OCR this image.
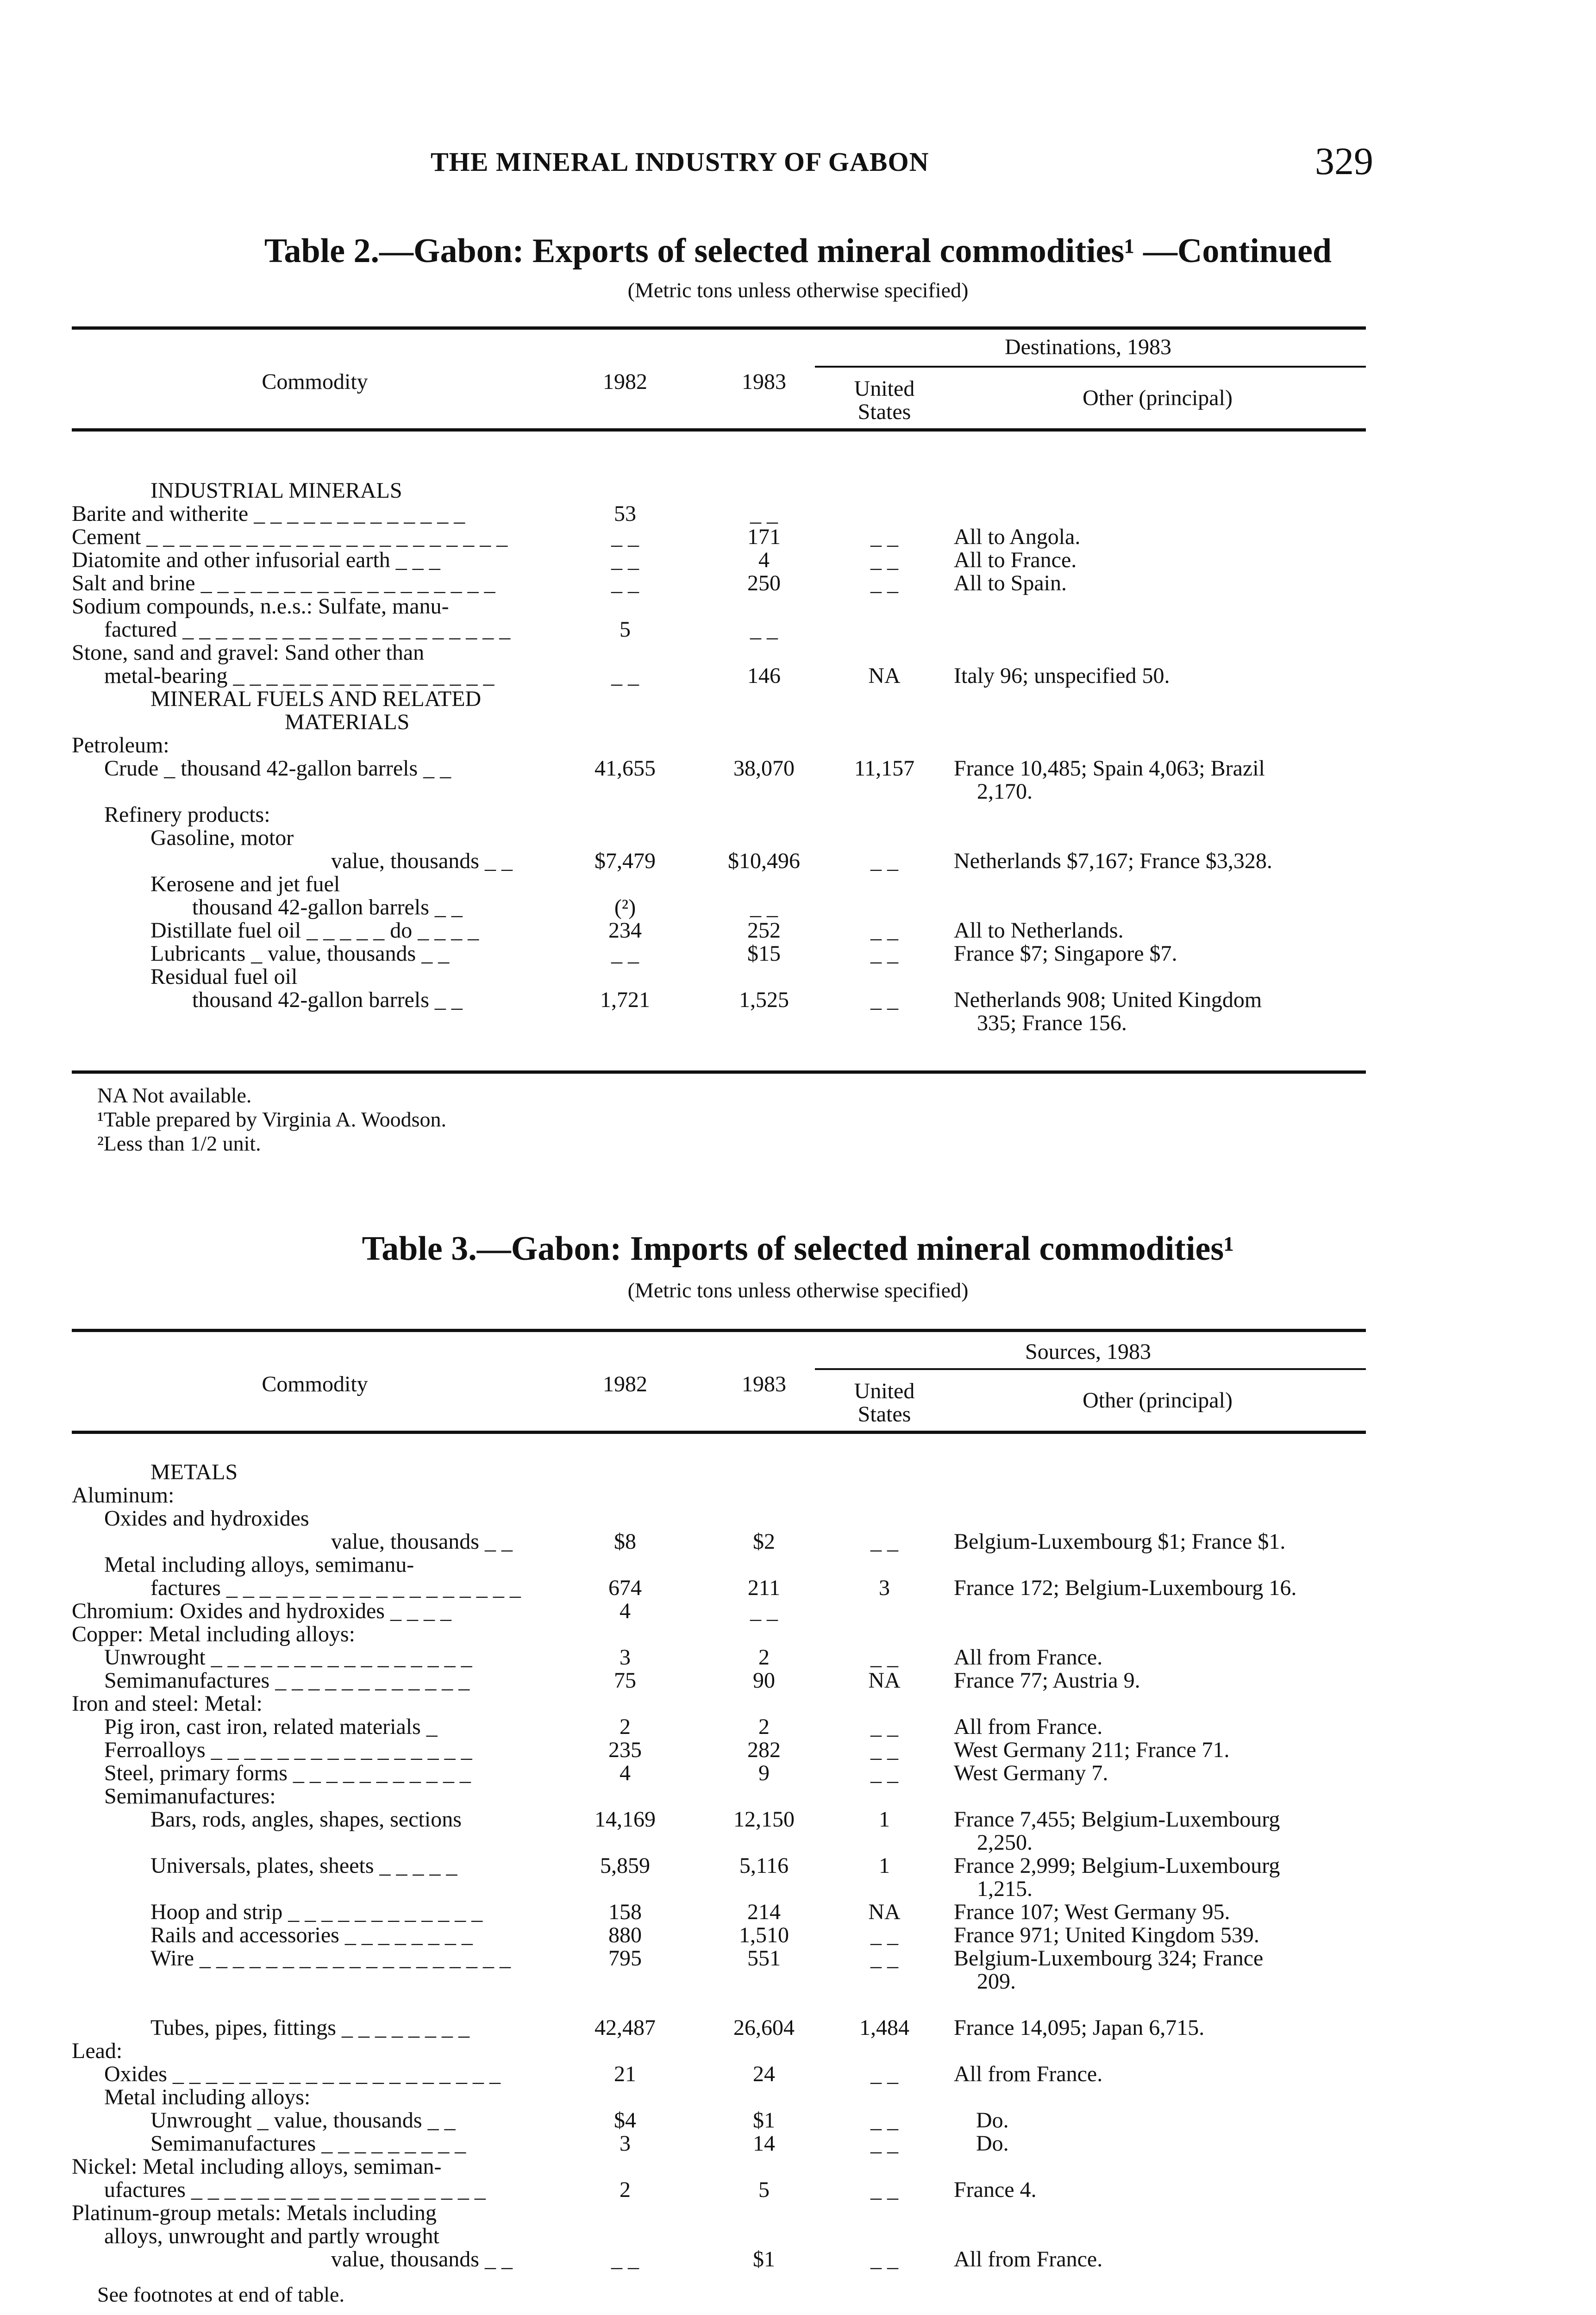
THE MINERAL INDUSTRY OF GABON	329
Table 2.—Gabon: Exports of selected mineral commodities¹ —Continued
(Metric tons unless otherwise specified)
Destinations, 1983
Commodity	1982	1983	United States
Other (principal)
INDUSTRIAL MINERALS
Barite and witherite _ _ _ _ _ _ _ _ _ _ _ _ _	53	_ _
Cement _ _ _ _ _ _ _ _ _ _ _ _ _ _ _ _ _ _ _ _ _ _	_ _	171	_ _	All to Angola.
Diatomite and other infusorial earth _ _ _	_ _	4	_ _	All to France.
Salt and brine _ _ _ _ _ _ _ _ _ _ _ _ _ _ _ _ _ _	_ _	250	_ _	All to Spain.
Sodium compounds, n.e.s.: Sulfate, manu-
factured _ _ _ _ _ _ _ _ _ _ _ _ _ _ _ _ _ _ _ _	5	_ _
Stone, sand and gravel: Sand other than
metal-bearing _ _ _ _ _ _ _ _ _ _ _ _ _ _ _ _	_ _	146	NA	Italy 96; unspecified 50.
MINERAL FUELS AND RELATED
MATERIALS
Petroleum:
Crude _ thousand 42-gallon barrels _ _	41,655	38,070	11,157	France 10,485; Spain 4,063; Brazil
2,170.
Refinery products:
Gasoline, motor
value, thousands _ _	$7,479	$10,496	_ _	Netherlands $7,167; France $3,328.
Kerosene and jet fuel
thousand 42-gallon barrels _ _	(²)	_ _
Distillate fuel oil _ _ _ _ _ do _ _ _ _	234	252	_ _	All to Netherlands.
Lubricants _ value, thousands _ _	_ _	$15	_ _	France $7; Singapore $7.
Residual fuel oil
thousand 42-gallon barrels _ _	1,721	1,525	_ _	Netherlands 908; United Kingdom
335; France 156.
NA Not available.
¹Table prepared by Virginia A. Woodson.
²Less than 1/2 unit.
Table 3.—Gabon: Imports of selected mineral commodities¹
(Metric tons unless otherwise specified)
Sources, 1983
Commodity	1982	1983	United States
Other (principal)
METALS
Aluminum:
Oxides and hydroxides
value, thousands _ _	$8	$2	_ _	Belgium-Luxembourg $1; France $1.
Metal including alloys, semimanu-
factures _ _ _ _ _ _ _ _ _ _ _ _ _ _ _ _ _ _	674	211	3	France 172; Belgium-Luxembourg 16.
Chromium: Oxides and hydroxides _ _ _ _	4	_ _
Copper: Metal including alloys:
Unwrought _ _ _ _ _ _ _ _ _ _ _ _ _ _ _ _	3	2	_ _	All from France.
Semimanufactures _ _ _ _ _ _ _ _ _ _ _ _	75	90	NA	France 77; Austria 9.
Iron and steel: Metal:
Pig iron, cast iron, related materials _	2	2	_ _	All from France.
Ferroalloys _ _ _ _ _ _ _ _ _ _ _ _ _ _ _ _	235	282	_ _	West Germany 211; France 71.
Steel, primary forms _ _ _ _ _ _ _ _ _ _ _	4	9	_ _	West Germany 7.
Semimanufactures:
Bars, rods, angles, shapes, sections	14,169	12,150	1	France 7,455; Belgium-Luxembourg
2,250.
Universals, plates, sheets _ _ _ _ _	5,859	5,116	1	France 2,999; Belgium-Luxembourg
1,215.
Hoop and strip _ _ _ _ _ _ _ _ _ _ _ _	158	214	NA	France 107; West Germany 95.
Rails and accessories _ _ _ _ _ _ _ _	880	1,510	_ _	France 971; United Kingdom 539.
Wire _ _ _ _ _ _ _ _ _ _ _ _ _ _ _ _ _ _ _	795	551	_ _	Belgium-Luxembourg 324; France
209.
Tubes, pipes, fittings _ _ _ _ _ _ _ _	42,487	26,604	1,484	France 14,095; Japan 6,715.
Lead:
Oxides _ _ _ _ _ _ _ _ _ _ _ _ _ _ _ _ _ _ _ _	21	24	_ _	All from France.
Metal including alloys:
Unwrought _ value, thousands _ _	$4	$1	_ _	Do.
Semimanufactures _ _ _ _ _ _ _ _ _	3	14	_ _	Do.
Nickel: Metal including alloys, semiman-
ufactures _ _ _ _ _ _ _ _ _ _ _ _ _ _ _ _ _ _	2	5	_ _	France 4.
Platinum-group metals: Metals including
alloys, unwrought and partly wrought
value, thousands _ _	_ _	$1	_ _	All from France.
See footnotes at end of table.
